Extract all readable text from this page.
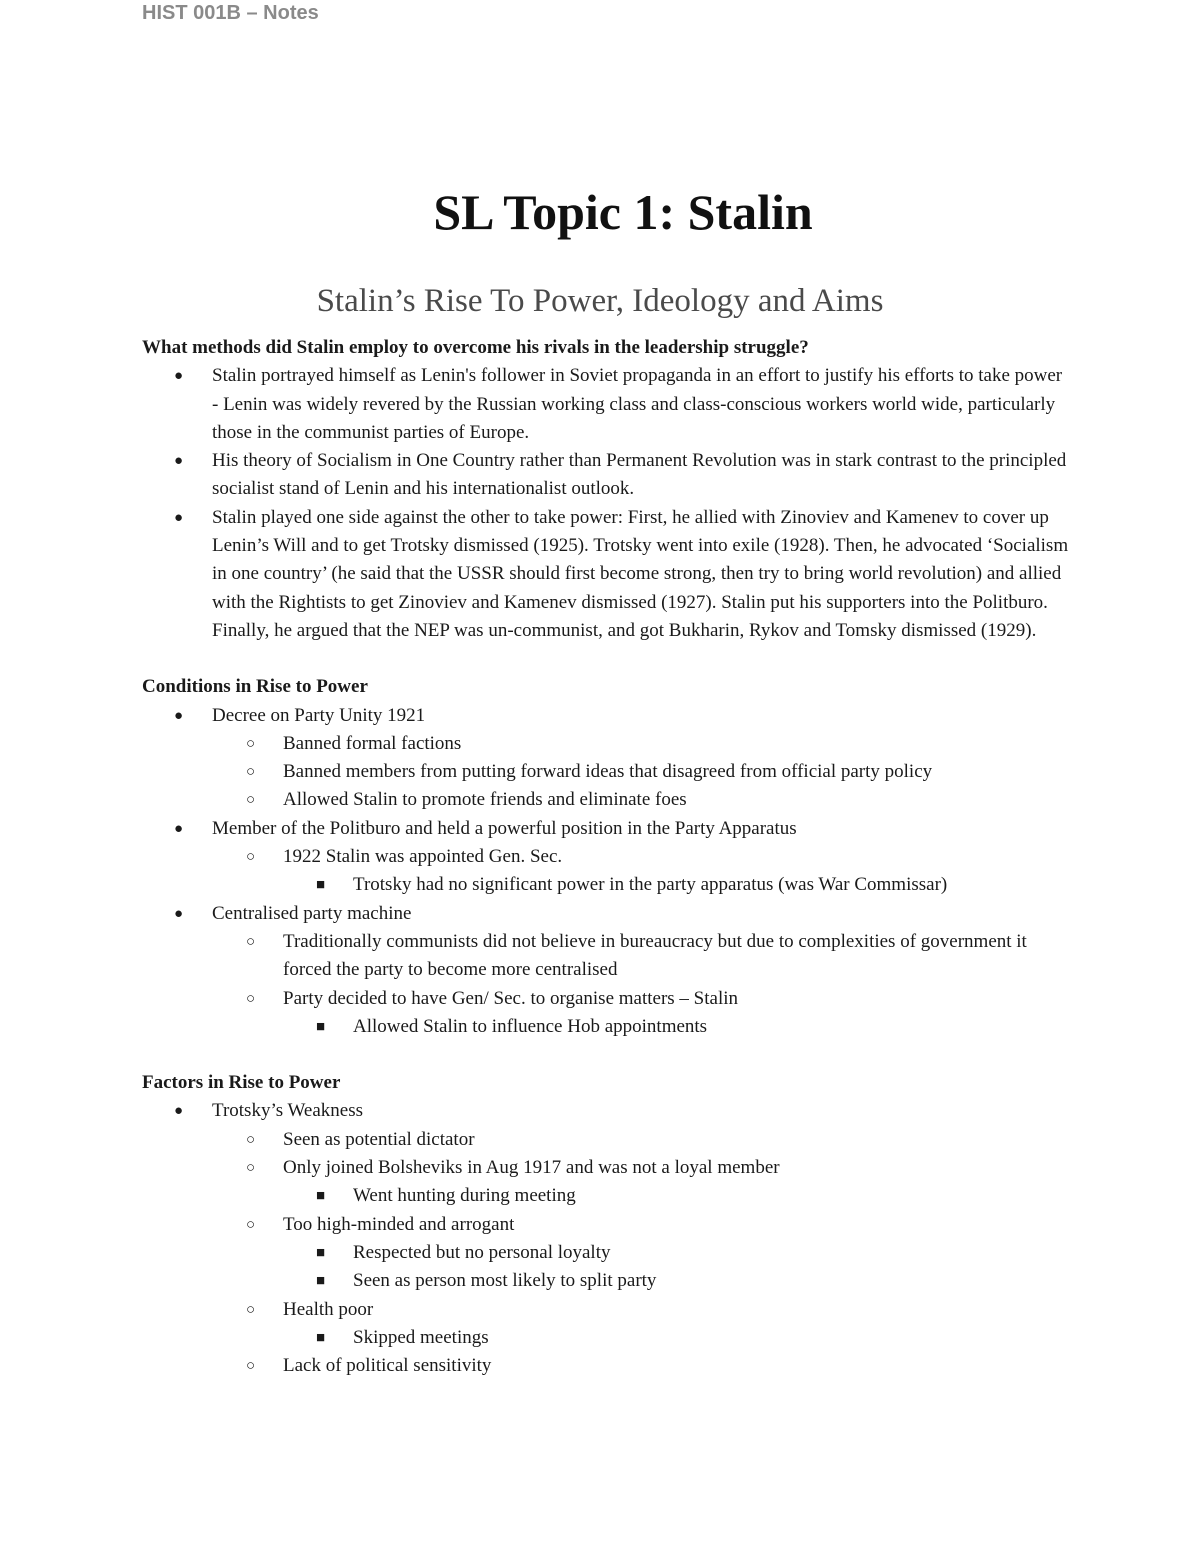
HIST 001B – Notes
SL Topic 1: Stalin
Stalin’s Rise To Power, Ideology and Aims

What methods did Stalin employ to overcome his rivals in the leadership struggle?

● Stalin portrayed himself as Lenin's follower in Soviet propaganda in an effort to justify his efforts to take power - Lenin was widely revered by the Russian working class and class-conscious workers world wide, particularly those in the communist parties of Europe.
● His theory of Socialism in One Country rather than Permanent Revolution was in stark contrast to the principled socialist stand of Lenin and his internationalist outlook.
● Stalin played one side against the other to take power: First, he allied with Zinoviev and Kamenev to cover up Lenin’s Will and to get Trotsky dismissed (1925). Trotsky went into exile (1928). Then, he advocated ‘Socialism in one country’ (he said that the USSR should first become strong, then try to bring world revolution) and allied with the Rightists to get Zinoviev and Kamenev dismissed (1927). Stalin put his supporters into the Politburo. Finally, he argued that the NEP was un-communist, and got Bukharin, Rykov and Tomsky dismissed (1929).

Conditions in Rise to Power

● Decree on Party Unity 1921
○ Banned formal factions
○ Banned members from putting forward ideas that disagreed from official party policy
○ Allowed Stalin to promote friends and eliminate foes
● Member of the Politburo and held a powerful position in the Party Apparatus
○ 1922 Stalin was appointed Gen. Sec.
■ Trotsky had no significant power in the party apparatus (was War Commissar)
● Centralised party machine
○ Traditionally communists did not believe in bureaucracy but due to complexities of government it forced the party to become more centralised
○ Party decided to have Gen/ Sec. to organise matters – Stalin
■ Allowed Stalin to influence Hob appointments

Factors in Rise to Power

● Trotsky’s Weakness
○ Seen as potential dictator
○ Only joined Bolsheviks in Aug 1917 and was not a loyal member
■ Went hunting during meeting
○ Too high-minded and arrogant
■ Respected but no personal loyalty
■ Seen as person most likely to split party
○ Health poor
■ Skipped meetings
○ Lack of political sensitivity
